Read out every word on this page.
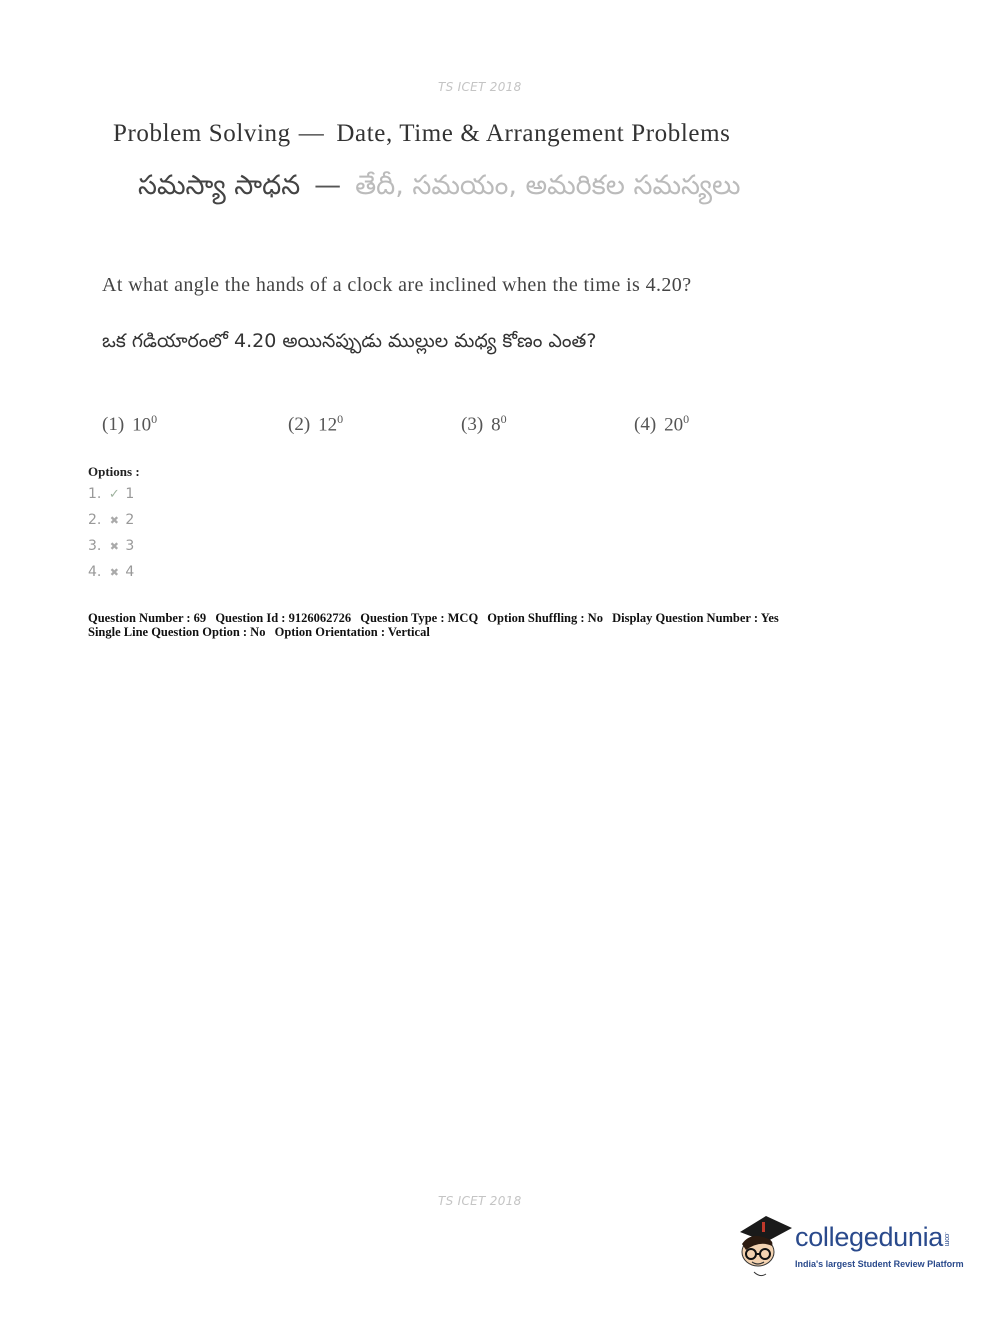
TS ICET 2018
Problem Solving — Date, Time & Arrangement Problems
సమస్యా సాధన — తేదీ, సమయం, అమరికల సమస్యలు
At what angle the hands of a clock are inclined when the time is 4.20?
ఒక గడియారంలో 4.20 అయినప్పుడు ముల్లుల మధ్య కోణం ఎంత?
(1) $10^0$	(2) $12^0$	(3) $8^0$	(4) $20^0$
Options :
1. ✓ 1
2. ✖ 2
3. ✖ 3
4. ✖ 4
Question Number : 69 Question Id : 9126062726 Question Type : MCQ Option Shuffling : No Display Question Number : Yes
Single Line Question Option : No Option Orientation : Vertical
TS ICET 2018
collegedunia.com
India's largest Student Review Platform
